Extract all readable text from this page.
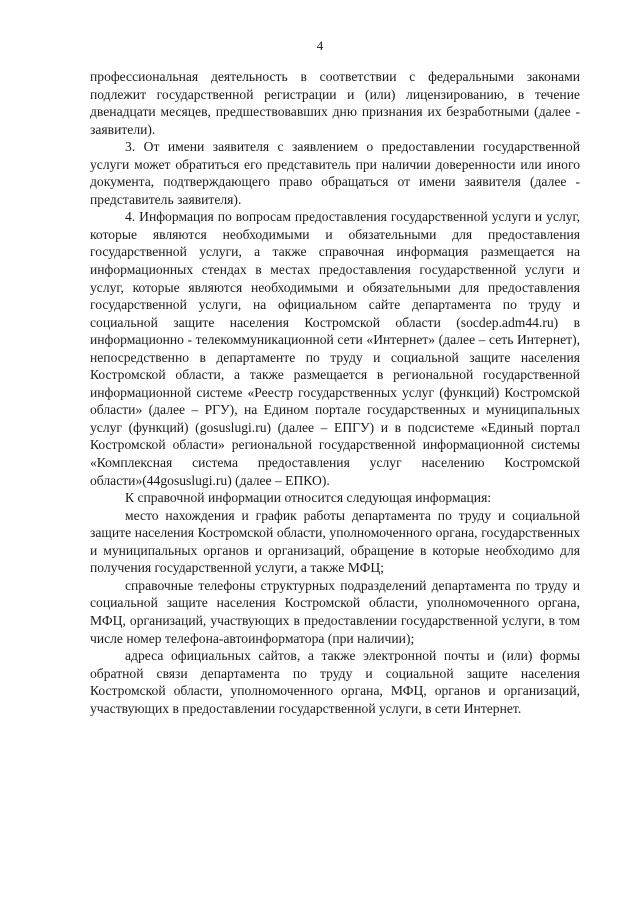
4

профессиональная деятельность в соответствии с федеральными законами подлежит государственной регистрации и (или) лицензированию, в течение двенадцати месяцев, предшествовавших дню признания их безработными (далее - заявители).

3. От имени заявителя с заявлением о предоставлении государственной услуги может обратиться его представитель при наличии доверенности или иного документа, подтверждающего право обращаться от имени заявителя (далее - представитель заявителя).

4. Информация по вопросам предоставления государственной услуги и услуг, которые являются необходимыми и обязательными для предоставления государственной услуги, а также справочная информация размещается на информационных стендах в местах предоставления государственной услуги и услуг, которые являются необходимыми и обязательными для предоставления государственной услуги, на официальном сайте департамента по труду и социальной защите населения Костромской области (socdep.adm44.ru) в информационно - телекоммуникационной сети «Интернет» (далее – сеть Интернет), непосредственно в департаменте по труду и социальной защите населения Костромской области, а также размещается в региональной государственной информационной системе «Реестр государственных услуг (функций) Костромской области» (далее – РГУ), на Едином портале государственных и муниципальных услуг (функций) (gosuslugi.ru) (далее – ЕПГУ) и в подсистеме «Единый портал Костромской области» региональной государственной информационной системы «Комплексная система предоставления услуг населению Костромской области»(44gosuslugi.ru) (далее – ЕПКО).

К справочной информации относится следующая информация:

место нахождения и график работы департамента по труду и социальной защите населения Костромской области, уполномоченного органа, государственных и муниципальных органов и организаций, обращение в которые необходимо для получения государственной услуги, а также МФЦ;

справочные телефоны структурных подразделений департамента по труду и социальной защите населения Костромской области, уполномоченного органа, МФЦ, организаций, участвующих в предоставлении государственной услуги, в том числе номер телефона-автоинформатора (при наличии);

адреса официальных сайтов, а также электронной почты и (или) формы обратной связи департамента по труду и социальной защите населения Костромской области, уполномоченного органа, МФЦ, органов и организаций, участвующих в предоставлении государственной услуги, в сети Интернет.
